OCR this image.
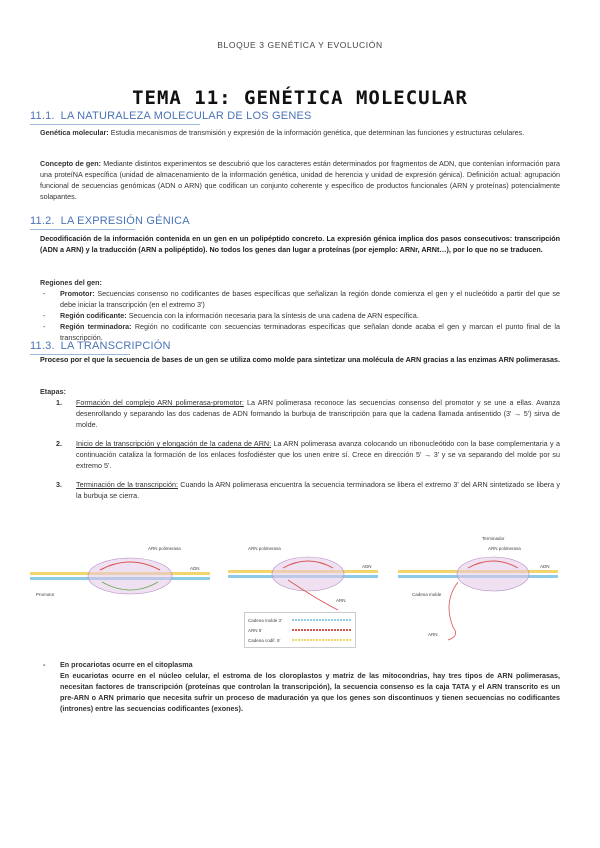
BLOQUE 3 GENÉTICA Y EVOLUCIÓN
TEMA 11: GENÉTICA MOLECULAR
11.1. LA NATURALEZA MOLECULAR DE LOS GENES
Genética molecular: Estudia mecanismos de transmisión y expresión de la información genética, que determinan las funciones y estructuras celulares.
Concepto de gen: Mediante distintos experimentos se descubrió que los caracteres están determinados por fragmentos de ADN, que contenían información para una proteíNA específica (unidad de almacenamiento de la información genética, unidad de herencia y unidad de expresión génica). Definición actual: agrupación funcional de secuencias genómicas (ADN o ARN) que codifican un conjunto coherente y específico de productos funcionales (ARN y proteínas) potencialmente solapantes.
11.2. LA EXPRESIÓN GÉNICA
Decodificación de la información contenida en un gen en un polipéptido concreto. La expresión génica implica dos pasos consecutivos: transcripción (ADN a ARN) y la traducción (ARN a polipéptido). No todos los genes dan lugar a proteínas (por ejemplo: ARNr, ARNt…), por lo que no se traducen.
Regiones del gen:
- Promotor: Secuencias consenso no codificantes de bases específicas que señalizan la región donde comienza el gen y el nucleótido a partir del que se debe iniciar la transcripción (en el extremo 3')
- Región codificante: Secuencia con la información necesaria para la síntesis de una cadena de ARN específica.
- Región terminadora: Región no codificante con secuencias terminadoras específicas que señalan donde acaba el gen y marcan el punto final de la transcripción.
11.3. LA TRANSCRIPCIÓN
Proceso por el que la secuencia de bases de un gen se utiliza como molde para sintetizar una molécula de ARN gracias a las enzimas ARN polimerasas.
Etapas:
1. Formación del complejo ARN polimerasa-promotor: La ARN polimerasa reconoce las secuencias consenso del promotor y se une a ellas. Avanza desenrollando y separando las dos cadenas de ADN formando la burbuja de transcripción para que la cadena llamada antisentido (3' → 5') sirva de molde.
2. Inicio de la transcripción y elongación de la cadena de ARN: La ARN polimerasa avanza colocando un ribonucleótido con la base complementaria y a continuación cataliza la formación de los enlaces fosfodiéster que los unen entre sí. Crece en dirección 5' → 3' y se va separando del molde por su extremo 5'.
3. Terminación de la transcripción: Cuando la ARN polimerasa encuentra la secuencia terminadora se libera el extremo 3' del ARN sintetizado se libera y la burbuja se cierra.
ARN polimerasa
ADN
Promotor
ARN polimerasa
ADN
ARN
Cadena molde 3'
ARN 5'
Cadena codif. 5'
Terminador
ARN polimerasa
ADN
Cadena molde
ARN
- En procariotas ocurre en el citoplasma
En eucariotas ocurre en el núcleo celular, el estroma de los cloroplastos y matriz de las mitocondrias, hay tres tipos de ARN polimerasas, necesitan factores de transcripción (proteínas que controlan la transcripción), la secuencia consenso es la caja TATA y el ARN transcrito es un pre-ARN o ARN primario que necesita sufrir un proceso de maduración ya que los genes son discontinuos y tienen secuencias no codificantes (intrones) entre las secuencias codificantes (exones).
